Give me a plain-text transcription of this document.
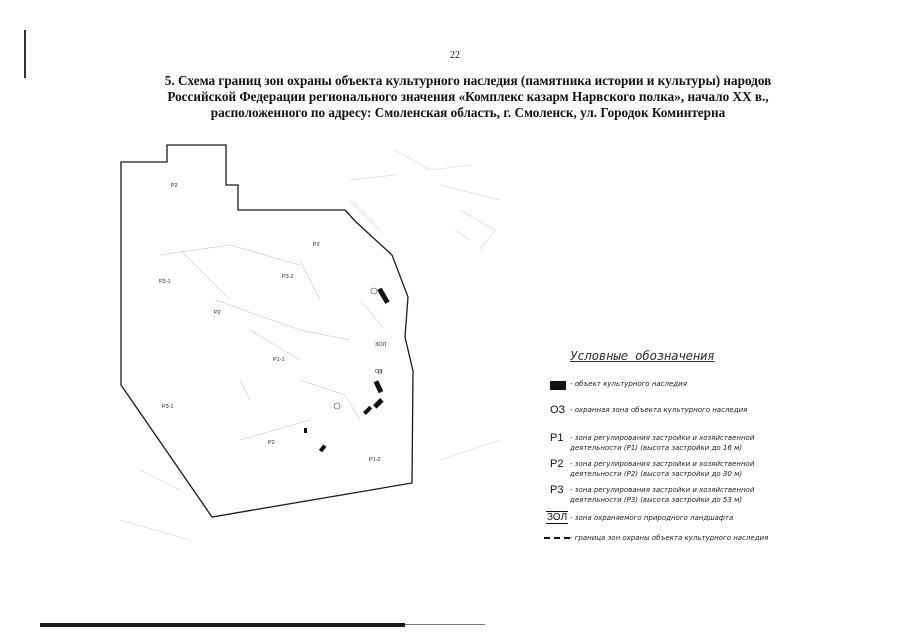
22
5. Схема границ зон охраны объекта культурного наследия (памятника истории и культуры) народов
Российской Федерации регионального значения «Комплекс казарм Нарвского полка», начало ХХ в.,
расположенного по адресу: Смоленская область, г. Смоленск, ул. Городок Коминтерна
Р2
Р2
Р3-1
Р3-2
Р2
Р1-1
ЗОЛ
ОЗ
Р3-1
Р2
Р1-2
Условные обозначения
- объект культурного наследия
ОЗ - охранная зона объекта культурного наследия
Р1 - зона регулирования застройки и хозяйственной деятельности (Р1) (высота застройки до 16 м)
Р2 - зона регулирования застройки и хозяйственной деятельности (Р2) (высота застройки до 30 м)
Р3 - зона регулирования застройки и хозяйственной деятельности (Р3) (высота застройки до 53 м)
ЗОЛ - зона охраняемого природного ландшафта
- граница зон охраны объекта культурного наследия
